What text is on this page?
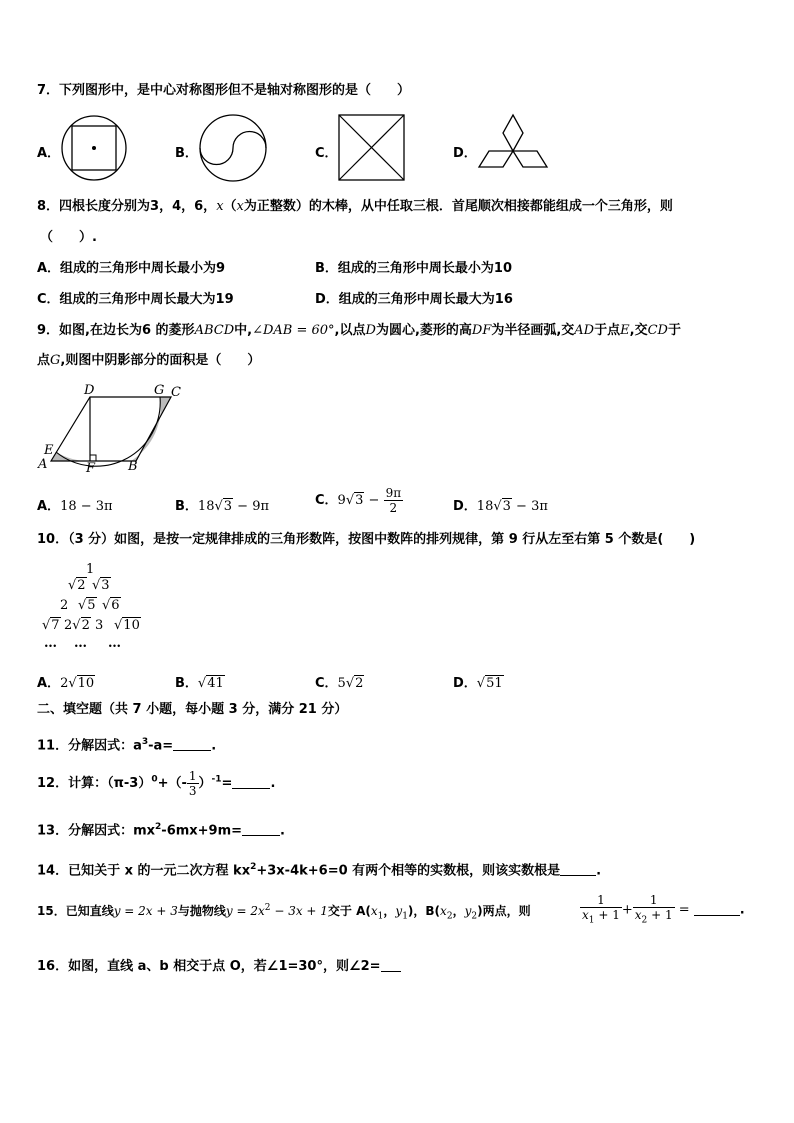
7．下列图形中，是中心对称图形但不是轴对称图形的是（　　）
A．	B．	C．	D．
8．四根长度分别为3，4，6，x（x为正整数）的木棒，从中任取三根．首尾顺次相接都能组成一个三角形，则
（　　）.
A．组成的三角形中周长最小为9	B．组成的三角形中周长最小为10
C．组成的三角形中周长最大为19	D．组成的三角形中周长最大为16
9．如图,在边长为6 的菱形ABCD中,∠DAB = 60°,以点D为圆心,菱形的高DF为半径画弧,交AD于点E,交CD于
点G,则图中阴影部分的面积是（　　）
D	G C
E
A	F	B
A．18 − 3π	B．18√3 − 9π	C．$9√3 - \frac{9\pi}{2}$	D．18√3 − 3π
10．（3 分）如图，是按一定规律排成的三角形数阵，按图中数阵的排列规律，第 9 行从左至右第 5 个数是(　　)
1
√2 √3
2 √5 √6
√7 2√2 3 √10
… … …
A．2√10	B．√41	C．5√2	D．√51
二、填空题（共 7 小题，每小题 3 分，满分 21 分）
11．分解因式：$a^3-a=$	.
12．计算：$(\pi-3)^0+(- \frac{1}{3} )^{-1}=$	.
13．分解因式：$mx^2-6mx+9m=$	.
14．已知关于 x 的一元二次方程 $kx^2+3x-4k+6=0$ 有两个相等的实数根，则该实数根是	.
15．已知直线y = 2x + 3与抛物线$y = 2x^2 - 3x + 1$交于 $A(x_1$，$y_1$)，$B(x_2$，$y_2$)两点，则	$\frac{1}{x_1 + 1} + \frac{1}{x_2 + 1}$ =	.
16．如图，直线 a、b 相交于点 O，若∠1=30°，则∠2=
